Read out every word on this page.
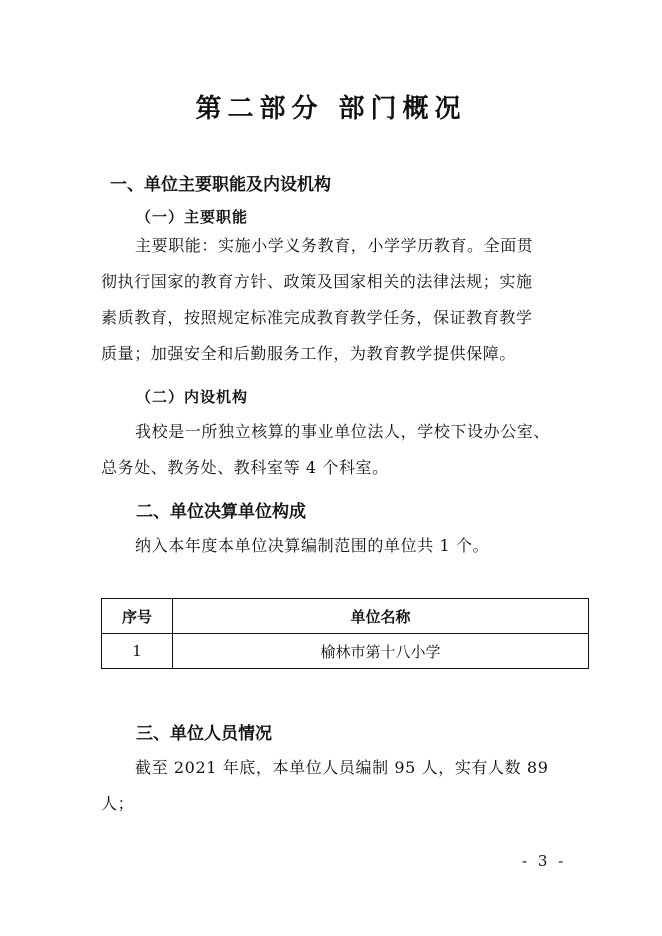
第二部分 部门概况
一、单位主要职能及内设机构
（一）主要职能
主要职能：实施小学义务教育，小学学历教育。全面贯
彻执行国家的教育方针、政策及国家相关的法律法规；实施
素质教育，按照规定标准完成教育教学任务，保证教育教学
质量；加强安全和后勤服务工作，为教育教学提供保障。
（二）内设机构
我校是一所独立核算的事业单位法人，学校下设办公室、
总务处、教务处、教科室等 4 个科室。
二、单位决算单位构成
纳入本年度本单位决算编制范围的单位共 1 个。
序号	单位名称
1	榆林市第十八小学
三、单位人员情况
截至 2021 年底，本单位人员编制 95 人，实有人数 89
人；
- 3 -
